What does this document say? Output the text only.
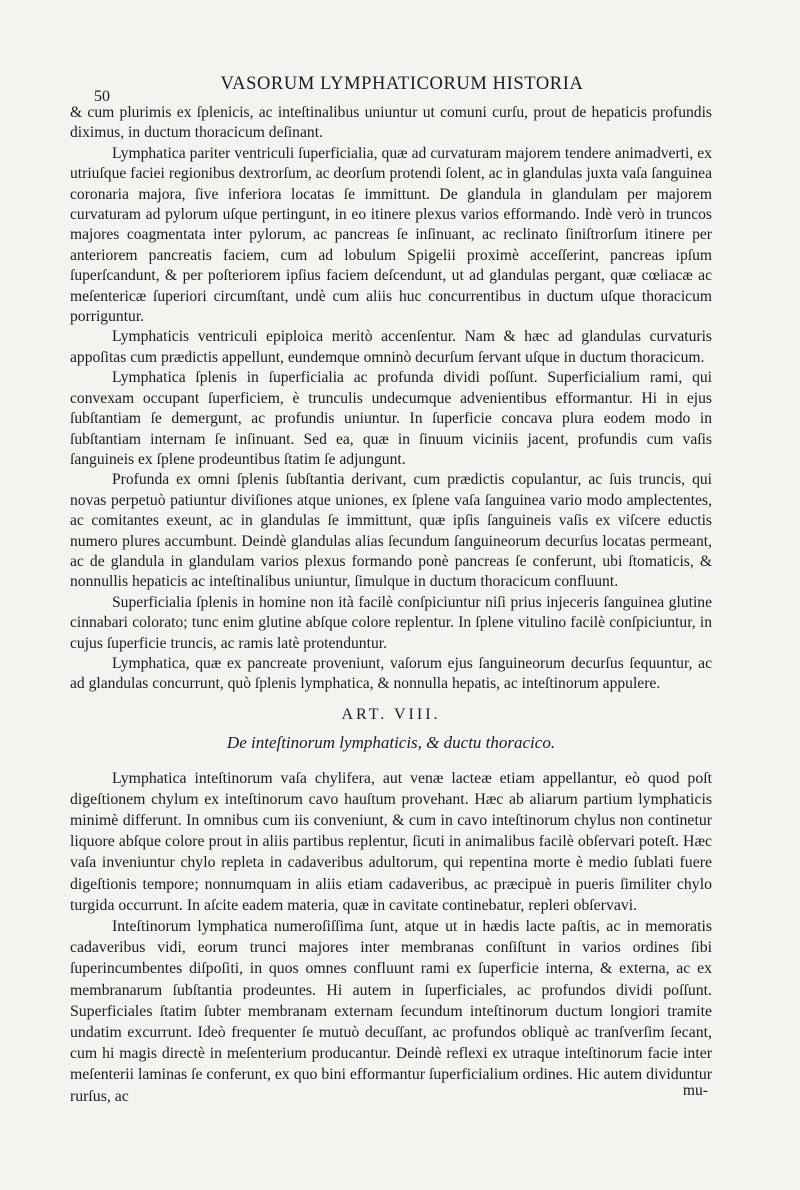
50
VASORUM LYMPHATICORUM HISTORIA

& cum plurimis ex ſplenicis, ac inteſtinalibus uniuntur ut comuni curſu, prout de hepaticis profundis diximus, in ductum thoracicum deſinant.

Lymphatica pariter ventriculi ſuperficialia, quæ ad curvaturam majorem tendere animadverti, ex utriuſque faciei regionibus dextrorſum, ac deorſum protendi ſolent, ac in glandulas juxta vaſa ſanguinea coronaria majora, ſive inferiora locatas ſe immittunt. De glandula in glandulam per majorem curvaturam ad pylorum uſque pertingunt, in eo itinere plexus varios efformando. Indè verò in truncos majores coagmentata inter pylorum, ac pancreas ſe inſinuant, ac reclinato ſiniſtrorſum itinere per anteriorem pancreatis faciem, cum ad lobulum Spigelii proximè acceſſerint, pancreas ipſum ſuperſcandunt, & per poſteriorem ipſius faciem deſcendunt, ut ad glandulas pergant, quæ cœliacæ ac meſentericæ ſuperiori circumſtant, undè cum aliis huc concurrentibus in ductum uſque thoracicum porriguntur.

Lymphaticis ventriculi epiploica meritò accenſentur. Nam & hæc ad glandulas curvaturis appoſitas cum prædictis appellunt, eundemque omninò decurſum ſervant uſque in ductum thoracicum.

Lymphatica ſplenis in ſuperficialia ac profunda dividi poſſunt. Superficialium rami, qui convexam occupant ſuperficiem, è trunculis undecumque advenientibus efformantur. Hi in ejus ſubſtantiam ſe demergunt, ac profundis uniuntur. In ſuperficie concava plura eodem modo in ſubſtantiam internam ſe inſinuant. Sed ea, quæ in ſinuum viciniis jacent, profundis cum vaſis ſanguineis ex ſplene prodeuntibus ſtatim ſe adjungunt.

Profunda ex omni ſplenis ſubſtantia derivant, cum prædictis copulantur, ac ſuis truncis, qui novas perpetuò patiuntur diviſiones atque uniones, ex ſplene vaſa ſanguinea vario modo amplectentes, ac comitantes exeunt, ac in glandulas ſe immittunt, quæ ipſis ſanguineis vaſis ex viſcere eductis numero plures accumbunt. Deindè glandulas alias ſecundum ſanguineorum decurſus locatas permeant, ac de glandula in glandulam varios plexus formando ponè pancreas ſe conferunt, ubi ſtomaticis, & nonnullis hepaticis ac inteſtinalibus uniuntur, ſimulque in ductum thoracicum confluunt.

Superficialia ſplenis in homine non ità facilè conſpiciuntur niſi prius injeceris ſanguinea glutine cinnabari colorato; tunc enim glutine abſque colore replentur. In ſplene vitulino facilè conſpiciuntur, in cujus ſuperficie truncis, ac ramis latè protenduntur.

Lymphatica, quæ ex pancreate proveniunt, vaſorum ejus ſanguineorum decurſus ſequuntur, ac ad glandulas concurrunt, quò ſplenis lymphatica, & nonnulla hepatis, ac inteſtinorum appulere.

ART. VIII.
De inteſtinorum lymphaticis, & ductu thoracico.

Lymphatica inteſtinorum vaſa chylifera, aut venæ lacteæ etiam appellantur, eò quod poſt digeſtionem chylum ex inteſtinorum cavo hauſtum provehant. Hæc ab aliarum partium lymphaticis minimè differunt. In omnibus cum iis conveniunt, & cum in cavo inteſtinorum chylus non continetur liquore abſque colore prout in aliis partibus replentur, ſicuti in animalibus facilè obſervari poteſt. Hæc vaſa inveniuntur chylo repleta in cadaveribus adultorum, qui repentina morte è medio ſublati fuere digeſtionis tempore; nonnumquam in aliis etiam cadaveribus, ac præcipuè in pueris ſimiliter chylo turgida occurrunt. In aſcite eadem materia, quæ in cavitate continebatur, repleri obſervavi.

Inteſtinorum lymphatica numeroſiſſima ſunt, atque ut in hædis lacte paſtis, ac in memoratis cadaveribus vidi, eorum trunci majores inter membranas conſiſtunt in varios ordines ſibi ſuperincumbentes diſpoſiti, in quos omnes confluunt rami ex ſuperficie interna, & externa, ac ex membranarum ſubſtantia prodeuntes. Hi autem in ſuperficiales, ac profundos dividi poſſunt. Superficiales ſtatim ſubter membranam externam ſecundum inteſtinorum ductum longiori tramite undatim excurrunt. Ideò frequenter ſe mutuò decuſſant, ac profundos obliquè ac tranſverſim ſecant, cum hi magis directè in meſenterium producantur. Deindè reflexi ex utraque inteſtinorum facie inter meſenterii laminas ſe conferunt, ex quo bini efformantur ſuperficialium ordines. Hic autem dividuntur rurſus, ac	mu-
